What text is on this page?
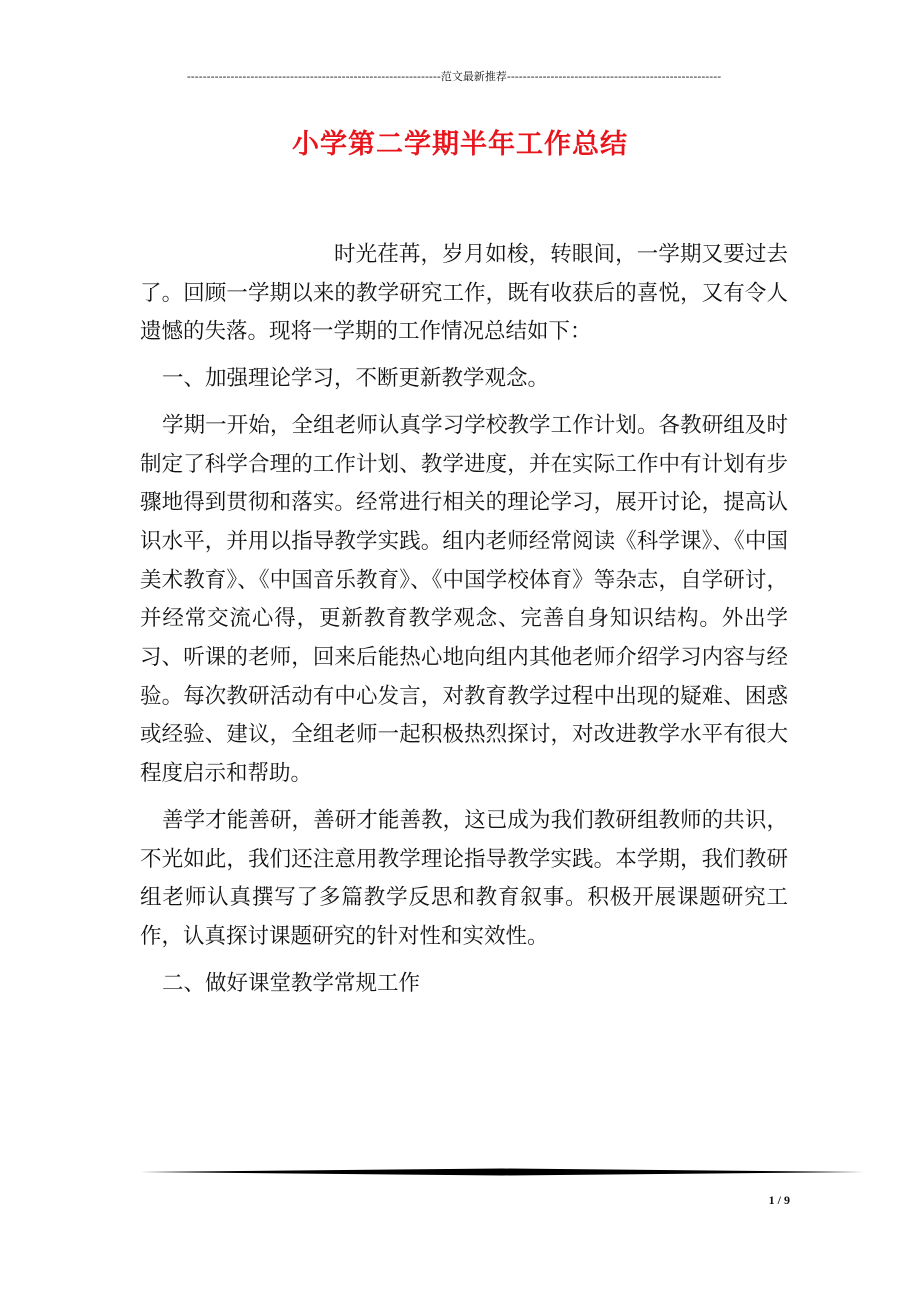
----------------------------------------------------------------范文最新推荐------------------------------------------------------
小学第二学期半年工作总结

时光荏苒，岁月如梭，转眼间，一学期又要过去了。回顾一学期以来的教学研究工作，既有收获后的喜悦，又有令人遗憾的失落。现将一学期的工作情况总结如下：

一、加强理论学习，不断更新教学观念。

学期一开始，全组老师认真学习学校教学工作计划。各教研组及时制定了科学合理的工作计划、教学进度，并在实际工作中有计划有步骤地得到贯彻和落实。经常进行相关的理论学习，展开讨论，提高认识水平，并用以指导教学实践。组内老师经常阅读《科学课》、《中国美术教育》、《中国音乐教育》、《中国学校体育》等杂志，自学研讨，并经常交流心得，更新教育教学观念、完善自身知识结构。外出学习、听课的老师，回来后能热心地向组内其他老师介绍学习内容与经验。每次教研活动有中心发言，对教育教学过程中出现的疑难、困惑或经验、建议，全组老师一起积极热烈探讨，对改进教学水平有很大程度启示和帮助。

善学才能善研，善研才能善教，这已成为我们教研组教师的共识，不光如此，我们还注意用教学理论指导教学实践。本学期，我们教研组老师认真撰写了多篇教学反思和教育叙事。积极开展课题研究工作，认真探讨课题研究的针对性和实效性。

二、做好课堂教学常规工作

1 / 9
